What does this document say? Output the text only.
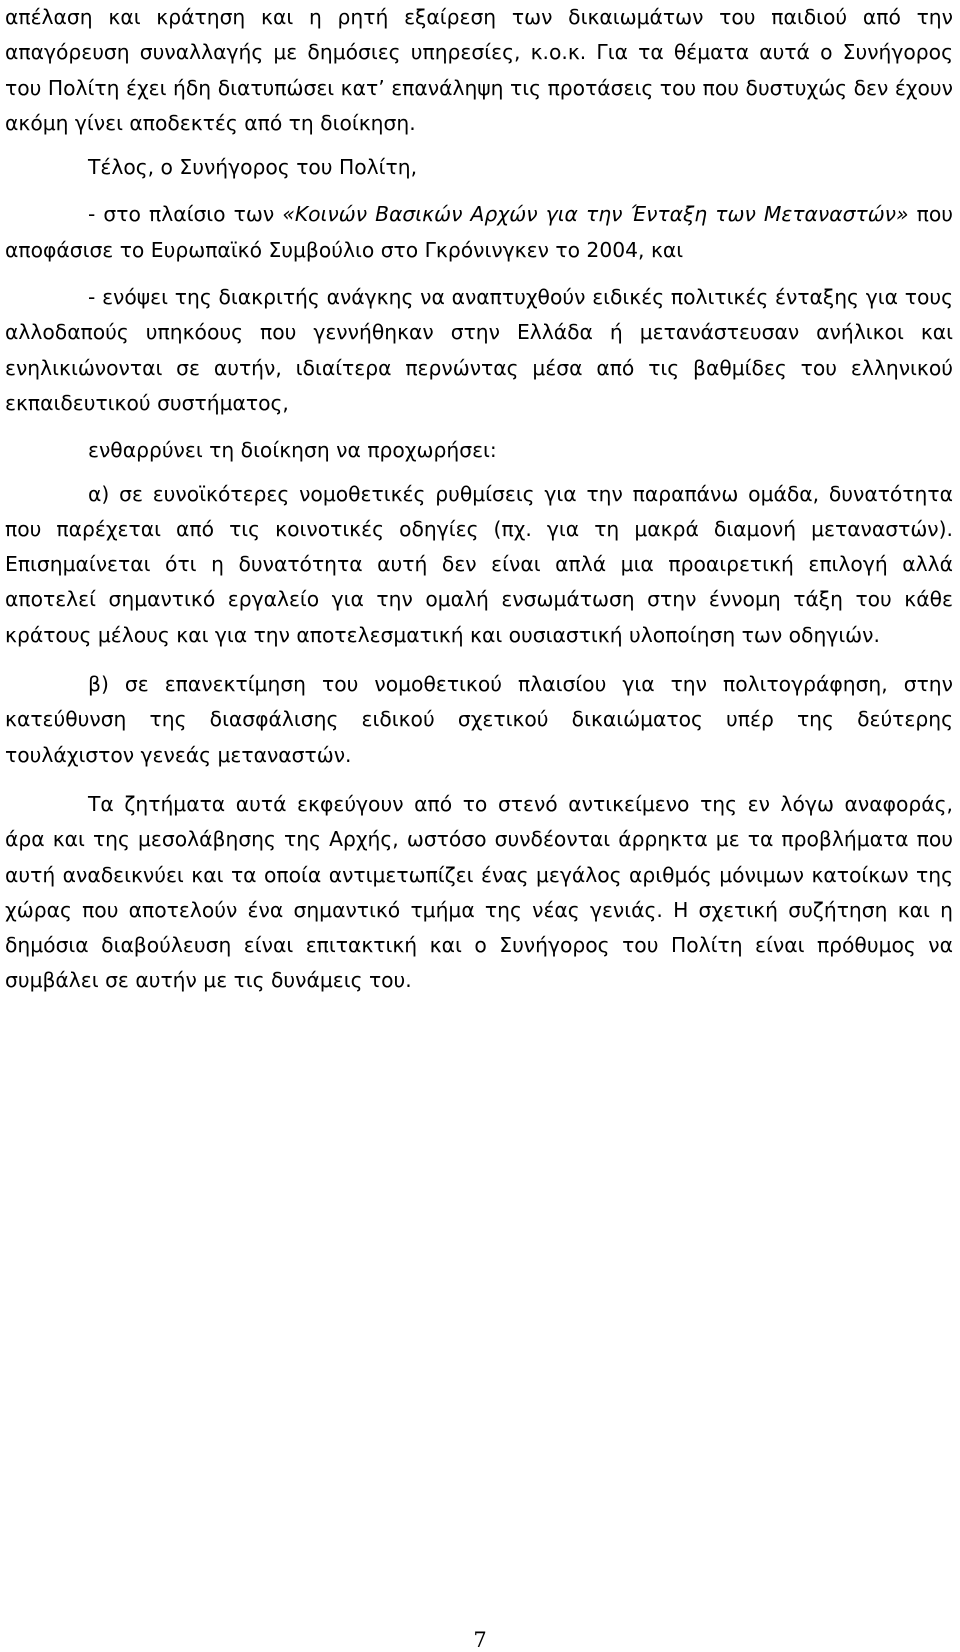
απέλαση και κράτηση και η ρητή εξαίρεση των δικαιωμάτων του παιδιού από την απαγόρευση συναλλαγής με δημόσιες υπηρεσίες, κ.ο.κ. Για τα θέματα αυτά ο Συνήγορος του Πολίτη έχει ήδη διατυπώσει κατ’ επανάληψη τις προτάσεις του που δυστυχώς δεν έχουν ακόμη γίνει αποδεκτές από τη διοίκηση.

Τέλος, ο Συνήγορος του Πολίτη,

- στο πλαίσιο των «Κοινών Βασικών Αρχών για την Ένταξη των Μεταναστών» που αποφάσισε το Ευρωπαϊκό Συμβούλιο στο Γκρόνινγκεν το 2004, και

- ενόψει της διακριτής ανάγκης να αναπτυχθούν ειδικές πολιτικές ένταξης για τους αλλοδαπούς υπηκόους που γεννήθηκαν στην Ελλάδα ή μετανάστευσαν ανήλικοι και ενηλικιώνονται σε αυτήν, ιδιαίτερα περνώντας μέσα από τις βαθμίδες του ελληνικού εκπαιδευτικού συστήματος,

ενθαρρύνει τη διοίκηση να προχωρήσει:

α) σε ευνοϊκότερες νομοθετικές ρυθμίσεις για την παραπάνω ομάδα, δυνατότητα που παρέχεται από τις κοινοτικές οδηγίες (πχ. για τη μακρά διαμονή μεταναστών). Επισημαίνεται ότι η δυνατότητα αυτή δεν είναι απλά μια προαιρετική επιλογή αλλά αποτελεί σημαντικό εργαλείο για την ομαλή ενσωμάτωση στην έννομη τάξη του κάθε κράτους μέλους και για την αποτελεσματική και ουσιαστική υλοποίηση των οδηγιών.

β) σε επανεκτίμηση του νομοθετικού πλαισίου για την πολιτογράφηση, στην κατεύθυνση της διασφάλισης ειδικού σχετικού δικαιώματος υπέρ της δεύτερης τουλάχιστον γενεάς μεταναστών.

Τα ζητήματα αυτά εκφεύγουν από το στενό αντικείμενο της εν λόγω αναφοράς, άρα και της μεσολάβησης της Αρχής, ωστόσο συνδέονται άρρηκτα με τα προβλήματα που αυτή αναδεικνύει και τα οποία αντιμετωπίζει ένας μεγάλος αριθμός μόνιμων κατοίκων της χώρας που αποτελούν ένα σημαντικό τμήμα της νέας γενιάς. Η σχετική συζήτηση και η δημόσια διαβούλευση είναι επιτακτική και ο Συνήγορος του Πολίτη είναι πρόθυμος να συμβάλει σε αυτήν με τις δυνάμεις του.

7
